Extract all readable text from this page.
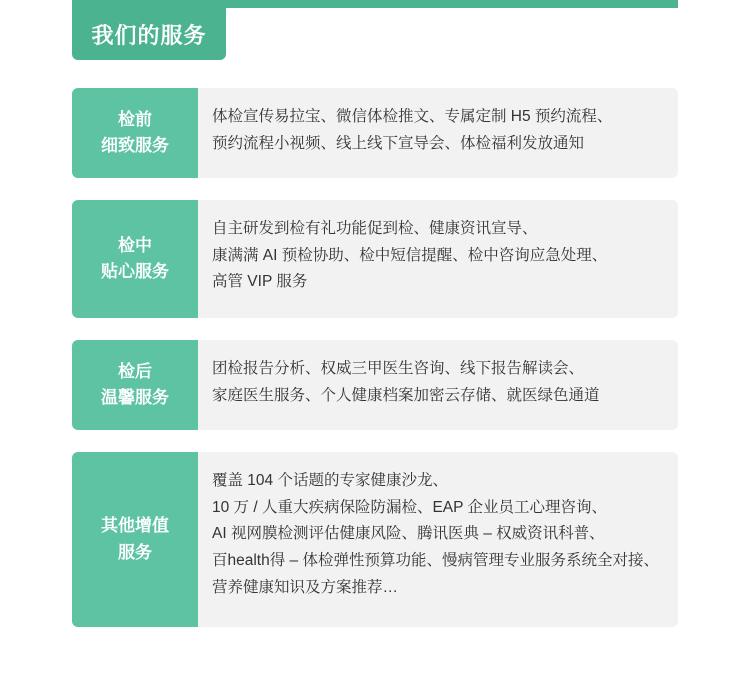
我们的服务
检前
细致服务

体检宣传易拉宝、微信体检推文、专属定制 H5 预约流程、

预约流程小视频、线上线下宣导会、体检福利发放通知

检中
贴心服务

自主研发到检有礼功能促到检、健康资讯宣导、

康满满 AI 预检协助、检中短信提醒、检中咨询应急处理、

高管 VIP 服务

检后
温馨服务

团检报告分析、权威三甲医生咨询、线下报告解读会、

家庭医生服务、个人健康档案加密云存储、就医绿色通道

其他增值
服务

覆盖 104 个话题的专家健康沙龙、

10 万 / 人重大疾病保险防漏检、EAP 企业员工心理咨询、

AI 视网膜检测评估健康风险、腾讯医典 – 权威资讯科普、

百health得 – 体检弹性预算功能、慢病管理专业服务系统全对接、

营养健康知识及方案推荐…
